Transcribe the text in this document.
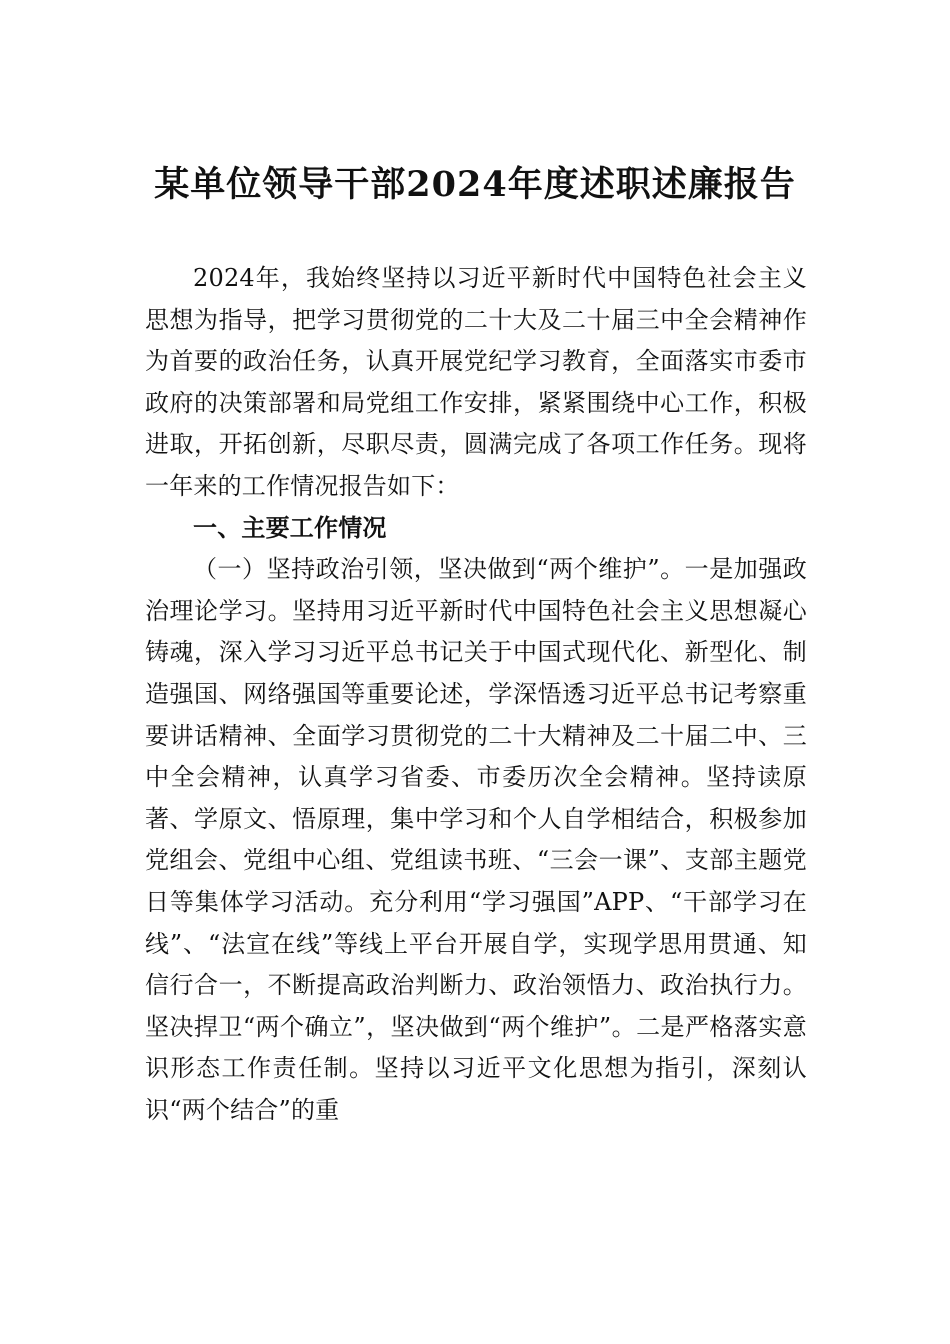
某单位领导干部2024年度述职述廉报告

2024年，我始终坚持以习近平新时代中国特色社会主义思想为指导，把学习贯彻党的二十大及二十届三中全会精神作为首要的政治任务，认真开展党纪学习教育，全面落实市委市政府的决策部署和局党组工作安排，紧紧围绕中心工作，积极进取，开拓创新，尽职尽责，圆满完成了各项工作任务。现将一年来的工作情况报告如下：

一、主要工作情况

（一）坚持政治引领，坚决做到“两个维护”。一是加强政治理论学习。坚持用习近平新时代中国特色社会主义思想凝心铸魂，深入学习习近平总书记关于中国式现代化、新型化、制造强国、网络强国等重要论述，学深悟透习近平总书记考察重要讲话精神、全面学习贯彻党的二十大精神及二十届二中、三中全会精神，认真学习省委、市委历次全会精神。坚持读原著、学原文、悟原理，集中学习和个人自学相结合，积极参加党组会、党组中心组、党组读书班、“三会一课”、支部主题党日等集体学习活动。充分利用“学习强国”APP、“干部学习在线”、“法宣在线”等线上平台开展自学，实现学思用贯通、知信行合一，不断提高政治判断力、政治领悟力、政治执行力。坚决捍卫“两个确立”，坚决做到“两个维护”。二是严格落实意识形态工作责任制。坚持以习近平文化思想为指引，深刻认识“两个结合”的重
